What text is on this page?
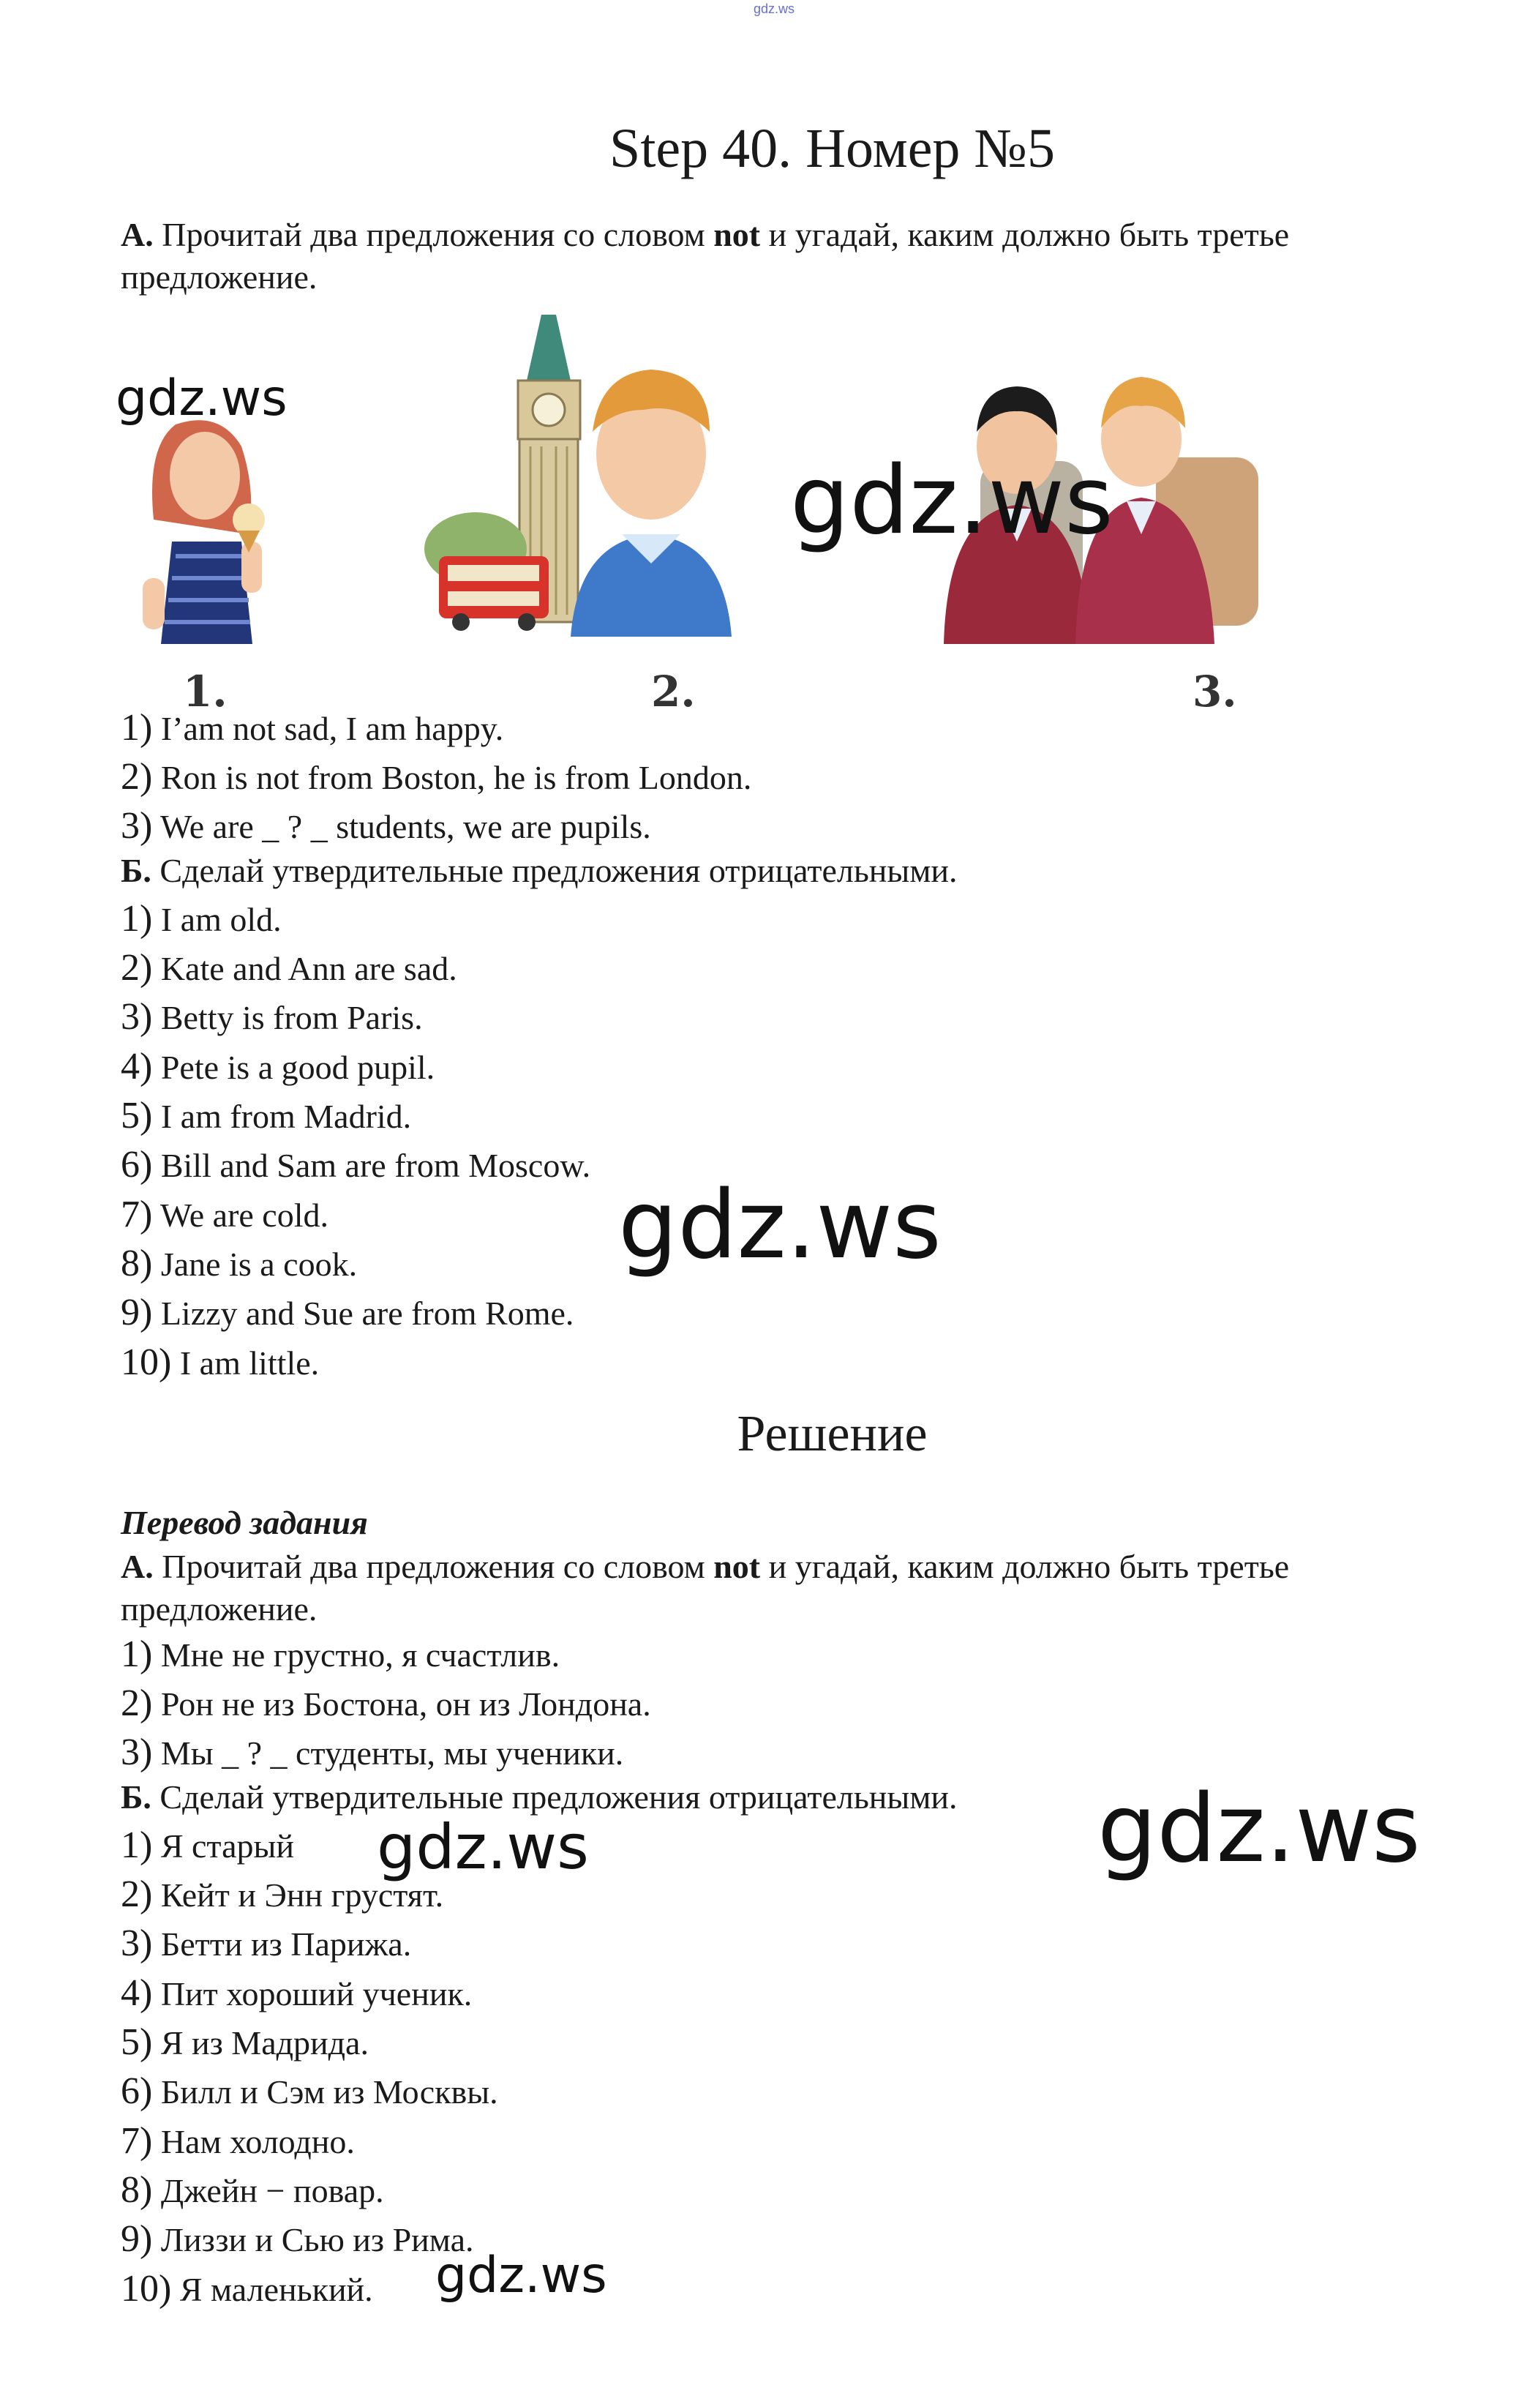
gdz.ws
Step 40. Номер №5
А. Прочитай два предложения со словом not и угадай, каким должно быть третье предложение.
1.	2.	3.
1) I’am not sad, I am happy.
2) Ron is not from Boston, he is from London.
3) We are _ ? _ students, we are pupils.
Б. Сделай утвердительные предложения отрицательными.
1) I am old.
2) Kate and Ann are sad.
3) Betty is from Paris.
4) Pete is a good pupil.
5) I am from Madrid.
6) Bill and Sam are from Moscow.
7) We are cold.
8) Jane is a cook.
9) Lizzy and Sue are from Rome.
10) I am little.
Решение
Перевод задания
А. Прочитай два предложения со словом not и угадай, каким должно быть третье предложение.
1) Мне не грустно, я счастлив.
2) Рон не из Бостона, он из Лондона.
3) Мы _ ? _ студенты, мы ученики.
Б. Сделай утвердительные предложения отрицательными.
1) Я старый
2) Кейт и Энн грустят.
3) Бетти из Парижа.
4) Пит хороший ученик.
5) Я из Мадрида.
6) Билл и Сэм из Москвы.
7) Нам холодно.
8) Джейн − повар.
9) Лиззи и Сью из Рима.
10) Я маленький.
gdz.ws
gdz.ws
gdz.ws
gdz.ws
gdz.ws
gdz.ws
